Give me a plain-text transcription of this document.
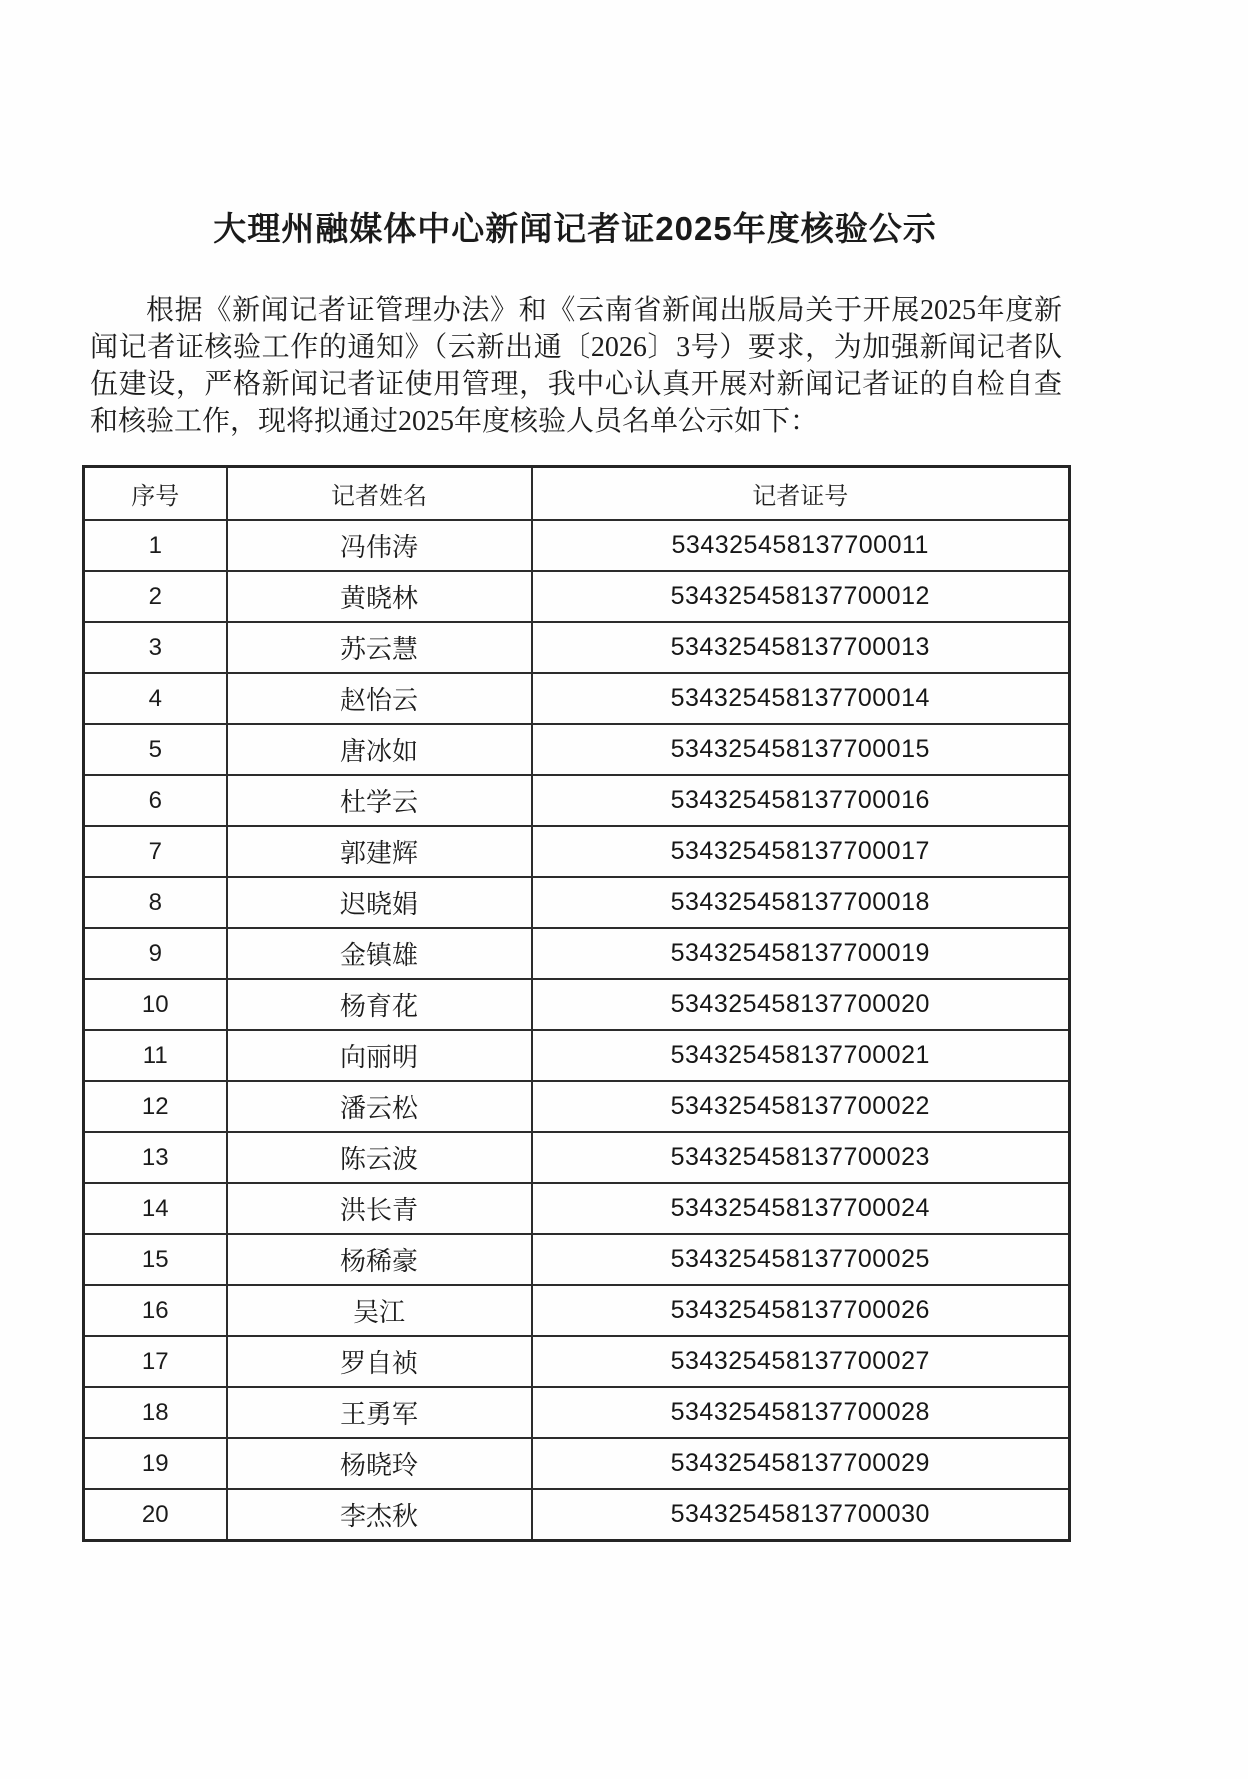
大理州融媒体中心新闻记者证2025年度核验公示

根据《新闻记者证管理办法》和《云南省新闻出版局关于开展2025年度新闻记者证核验工作的通知》（云新出通〔2026〕3号）要求，为加强新闻记者队伍建设，严格新闻记者证使用管理，我中心认真开展对新闻记者证的自检自查和核验工作，现将拟通过2025年度核验人员名单公示如下：

序号	记者姓名	记者证号
1	冯伟涛	534325458137700011
2	黄晓林	534325458137700012
3	苏云慧	534325458137700013
4	赵怡云	534325458137700014
5	唐冰如	534325458137700015
6	杜学云	534325458137700016
7	郭建辉	534325458137700017
8	迟晓娟	534325458137700018
9	金镇雄	534325458137700019
10	杨育花	534325458137700020
11	向丽明	534325458137700021
12	潘云松	534325458137700022
13	陈云波	534325458137700023
14	洪长青	534325458137700024
15	杨稀豪	534325458137700025
16	吴江	534325458137700026
17	罗自祯	534325458137700027
18	王勇军	534325458137700028
19	杨晓玲	534325458137700029
20	李杰秋	534325458137700030
